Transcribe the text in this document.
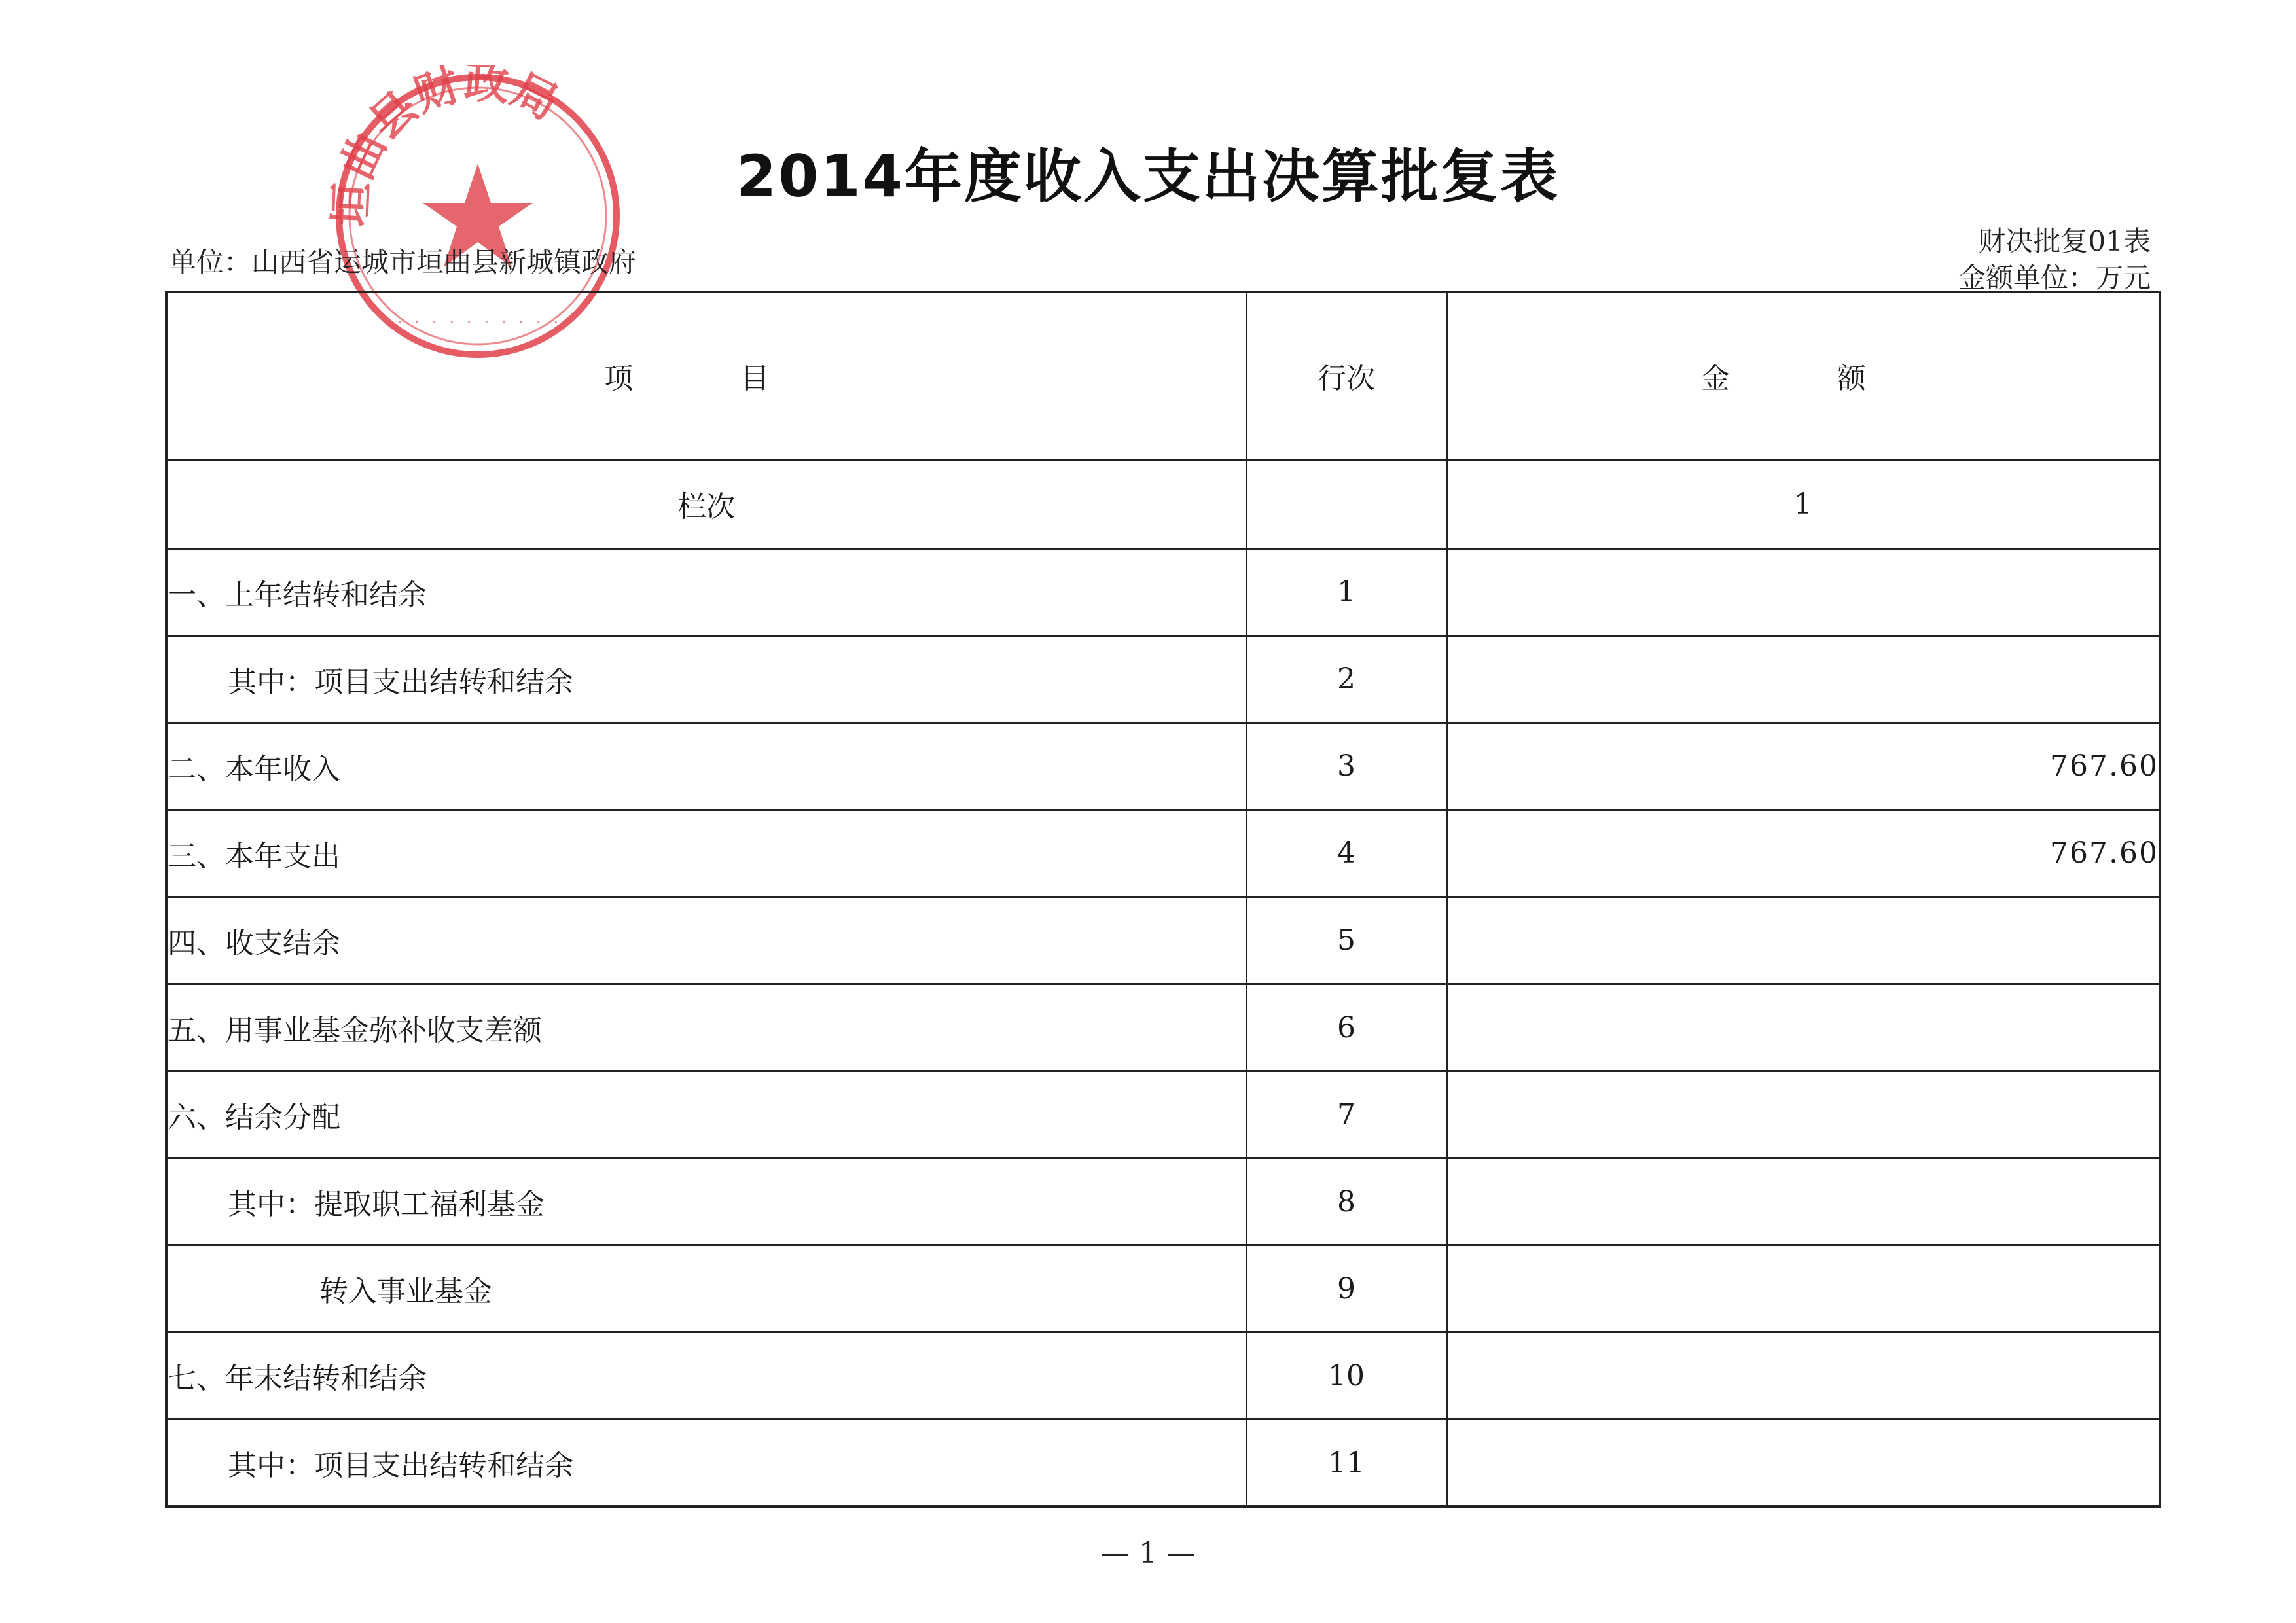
垣曲县财政局
· · · · · · · · · ·
2014年度收入支出决算批复表
单位：山西省运城市垣曲县新城镇政府
财决批复01表
金额单位：万元
项　目	行次	金　额
栏次		1
一、上年结转和结余	1	
其中：项目支出结转和结余	2	
二、本年收入	3	767.60
三、本年支出	4	767.60
四、收支结余	5	
五、用事业基金弥补收支差额	6	
六、结余分配	7	
其中：提取职工福利基金	8	
转入事业基金	9	
七、年末结转和结余	10	
其中：项目支出结转和结余	11	
— 1 —
